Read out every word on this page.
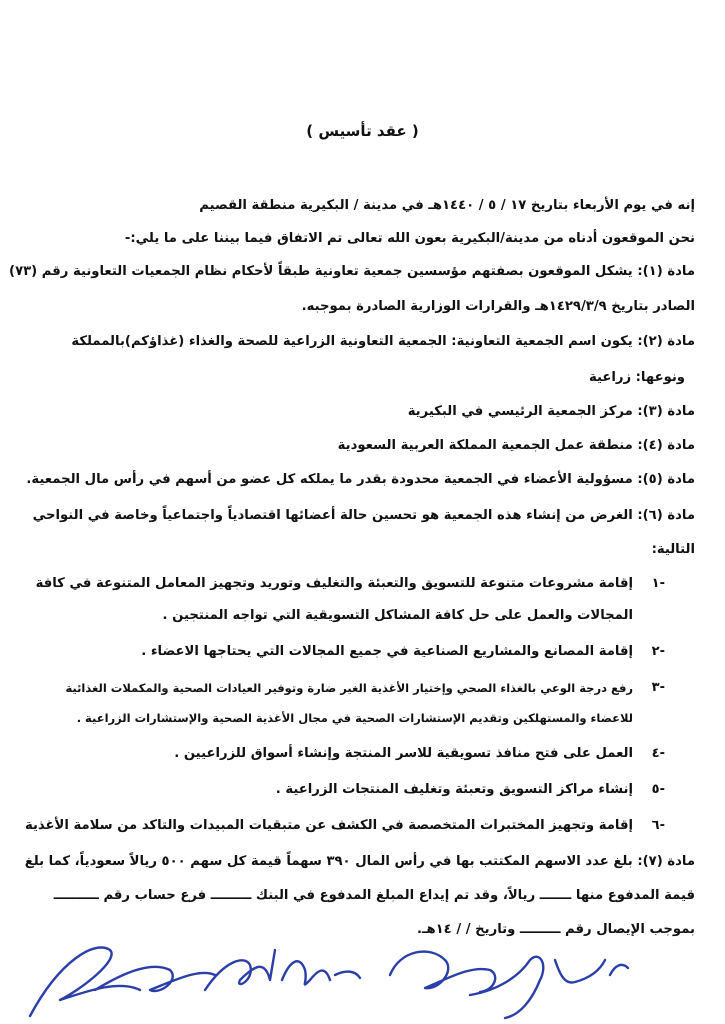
( عقد تأسيس )
إنه في يوم الأربعاء بتاريخ ١٧ / ٥ / ١٤٤٠هـ في مدينة / البكيرية منطقة القصيم
نحن الموقعون أدناه من مدينة/البكيرية بعون الله تعالى تم الاتفاق فيما بيننا على ما يلي:-
مادة (١): يشكل الموقعون بصفتهم مؤسسين جمعية تعاونية طبقاً لأحكام نظام الجمعيات التعاونية رقم (٧٣)
الصادر بتاريخ ١٤٢٩/٣/٩هـ والقرارات الوزارية الصادرة بموجبه.
مادة (٢): يكون اسم الجمعية التعاونية: الجمعية التعاونية الزراعية للصحة والغذاء (غذاؤكم)بالمملكة
ونوعها: زراعية
مادة (٣): مركز الجمعية الرئيسي في البكيرية
مادة (٤): منطقة عمل الجمعية المملكة العربية السعودية
مادة (٥): مسؤولية الأعضاء في الجمعية محدودة بقدر ما يملكه كل عضو من أسهم في رأس مال الجمعية.
مادة (٦): الغرض من إنشاء هذه الجمعية هو تحسين حالة أعضائها اقتصادياً واجتماعياً وخاصة في النواحي
التالية:
-١
إقامة مشروعات متنوعة للتسويق والتعبئة والتغليف وتوريد وتجهيز المعامل المتنوعة في كافة
المجالات والعمل على حل كافة المشاكل التسويقية التي تواجه المنتجين .
-٢
إقامة المصانع والمشاريع الصناعية في جميع المجالات التي يحتاجها الاعضاء .
-٣
رفع درجة الوعي بالغذاء الصحي وإختيار الأغذية الغير ضارة وتوفير العيادات الصحية والمكملات الغذائية
للاعضاء والمستهلكين وتقديم الإستشارات الصحية في مجال الأغذية الصحية والإستشارات الزراعية .
-٤
العمل على فتح منافذ تسويقية للاسر المنتجة وإنشاء أسواق للزراعيين .
-٥
إنشاء مراكز التسويق وتعبئة وتغليف المنتجات الزراعية .
-٦
إقامة وتجهيز المختبرات المتخصصة في الكشف عن متبقيات المبيدات والتاكد من سلامة الأغذية
مادة (٧): بلغ عدد الاسهم المكتتب بها في رأس المال ٣٩٠ سهماً قيمة كل سهم ٥٠٠ ريالاً سعودياً، كما بلغ
قيمة المدفوع منها ـــــــ ريالاً، وقد تم إيداع المبلغ المدفوع في البنك ـــــــــ فرع حساب رقم ــــــــــ
بموجب الإيصال رقم ـــــــــ وتاريخ / / ١٤هـ.
